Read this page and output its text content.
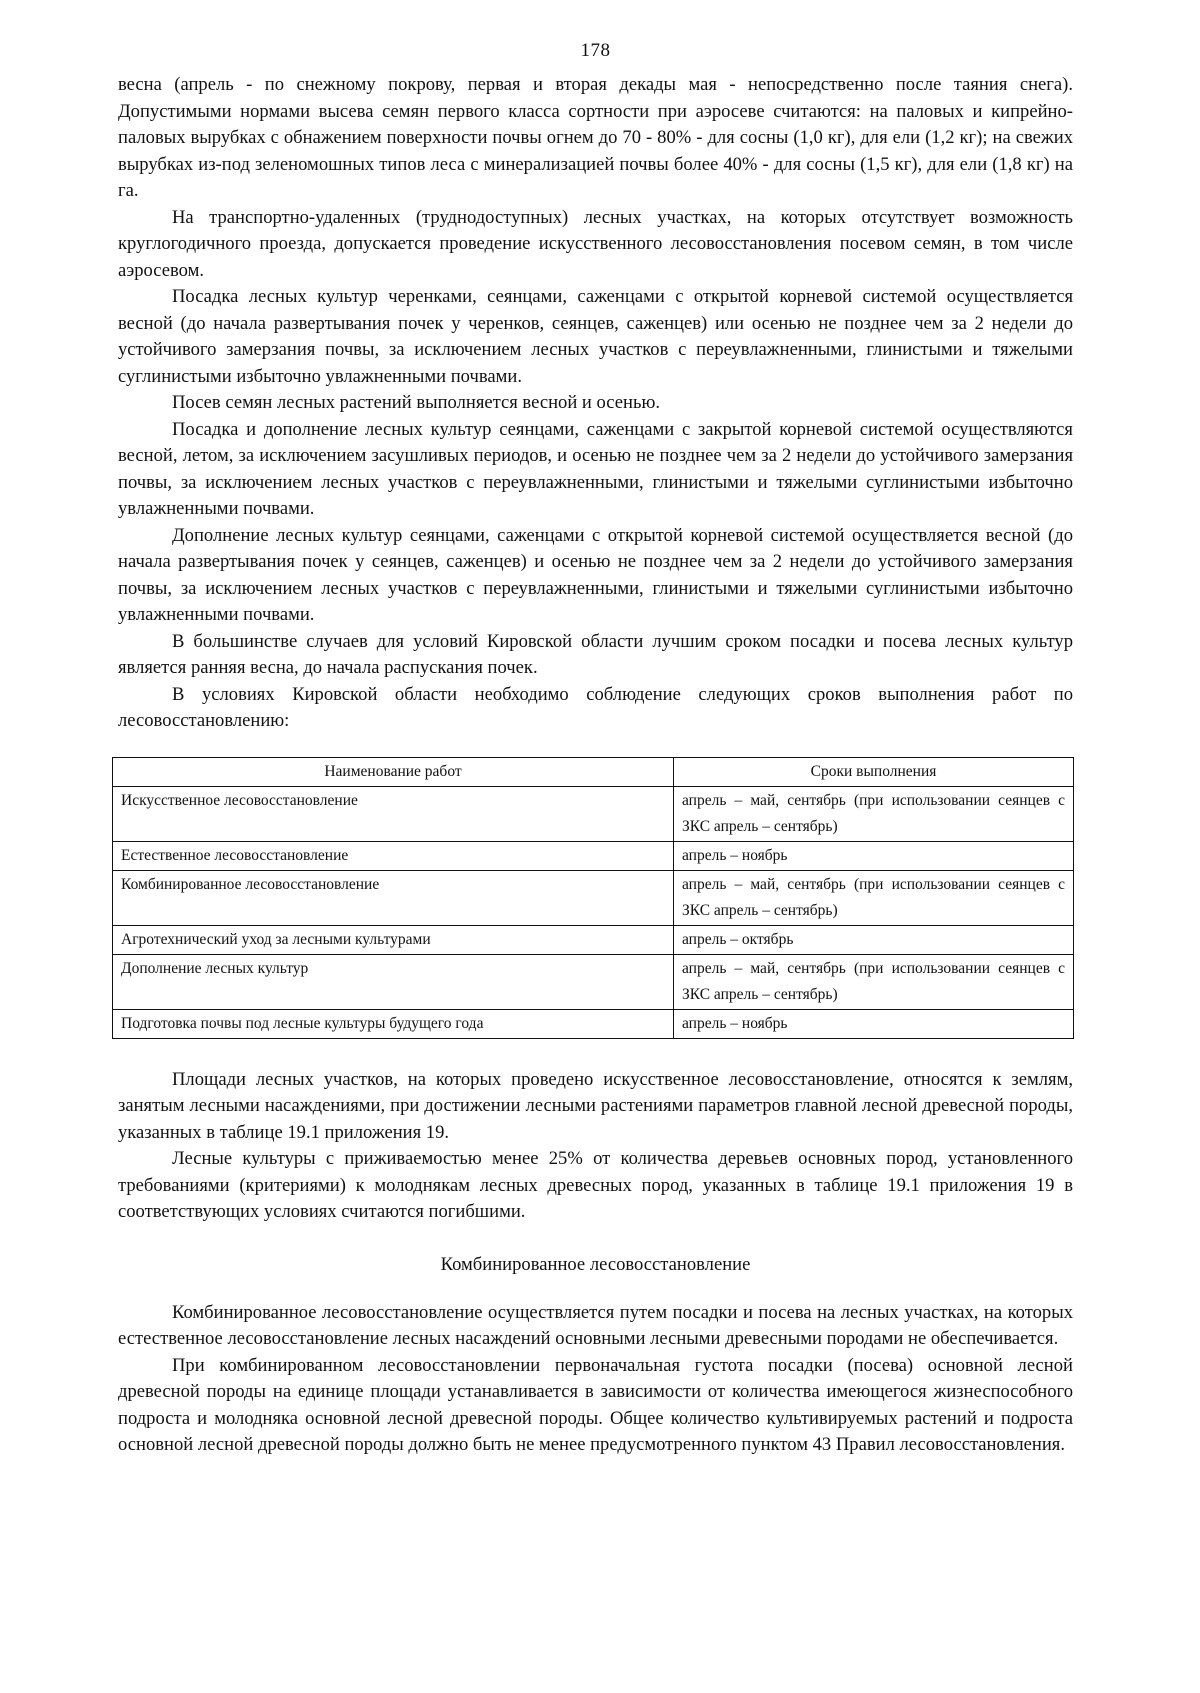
178

весна (апрель - по снежному покрову, первая и вторая декады мая - непосредственно после таяния снега). Допустимыми нормами высева семян первого класса сортности при аэросеве считаются: на паловых и кипрейно-паловых вырубках с обнажением поверхности почвы огнем до 70 - 80% - для сосны (1,0 кг), для ели (1,2 кг); на свежих вырубках из-под зеленомошных типов леса с минерализацией почвы более 40% - для сосны (1,5 кг), для ели (1,8 кг) на га.

На транспортно-удаленных (труднодоступных) лесных участках, на которых отсутствует возможность круглогодичного проезда, допускается проведение искусственного лесовосстановления посевом семян, в том числе аэросевом.

Посадка лесных культур черенками, сеянцами, саженцами с открытой корневой системой осуществляется весной (до начала развертывания почек у черенков, сеянцев, саженцев) или осенью не позднее чем за 2 недели до устойчивого замерзания почвы, за исключением лесных участков с переувлажненными, глинистыми и тяжелыми суглинистыми избыточно увлажненными почвами.

Посев семян лесных растений выполняется весной и осенью.

Посадка и дополнение лесных культур сеянцами, саженцами с закрытой корневой системой осуществляются весной, летом, за исключением засушливых периодов, и осенью не позднее чем за 2 недели до устойчивого замерзания почвы, за исключением лесных участков с переувлажненными, глинистыми и тяжелыми суглинистыми избыточно увлажненными почвами.

Дополнение лесных культур сеянцами, саженцами с открытой корневой системой осуществляется весной (до начала развертывания почек у сеянцев, саженцев) и осенью не позднее чем за 2 недели до устойчивого замерзания почвы, за исключением лесных участков с переувлажненными, глинистыми и тяжелыми суглинистыми избыточно увлажненными почвами.

В большинстве случаев для условий Кировской области лучшим сроком посадки и посева лесных культур является ранняя весна, до начала распускания почек.

В условиях Кировской области необходимо соблюдение следующих сроков выполнения работ по лесовосстановлению:

Наименование работ	Сроки выполнения
Искусственное лесовосстановление	апрель – май, сентябрь (при использовании сеянцев с ЗКС апрель – сентябрь)
Естественное лесовосстановление	апрель – ноябрь
Комбинированное лесовосстановление	апрель – май, сентябрь (при использовании сеянцев с ЗКС апрель – сентябрь)
Агротехнический уход за лесными культурами	апрель – октябрь
Дополнение лесных культур	апрель – май, сентябрь (при использовании сеянцев с ЗКС апрель – сентябрь)
Подготовка почвы под лесные культуры будущего года	апрель – ноябрь

Площади лесных участков, на которых проведено искусственное лесовосстановление, относятся к землям, занятым лесными насаждениями, при достижении лесными растениями параметров главной лесной древесной породы, указанных в таблице 19.1 приложения 19.

Лесные культуры с приживаемостью менее 25% от количества деревьев основных пород, установленного требованиями (критериями) к молоднякам лесных древесных пород, указанных в таблице 19.1 приложения 19 в соответствующих условиях считаются погибшими.

Комбинированное лесовосстановление

Комбинированное лесовосстановление осуществляется путем посадки и посева на лесных участках, на которых естественное лесовосстановление лесных насаждений основными лесными древесными породами не обеспечивается.

При комбинированном лесовосстановлении первоначальная густота посадки (посева) основной лесной древесной породы на единице площади устанавливается в зависимости от количества имеющегося жизнеспособного подроста и молодняка основной лесной древесной породы. Общее количество культивируемых растений и подроста основной лесной древесной породы должно быть не менее предусмотренного пунктом 43 Правил лесовосстановления.
